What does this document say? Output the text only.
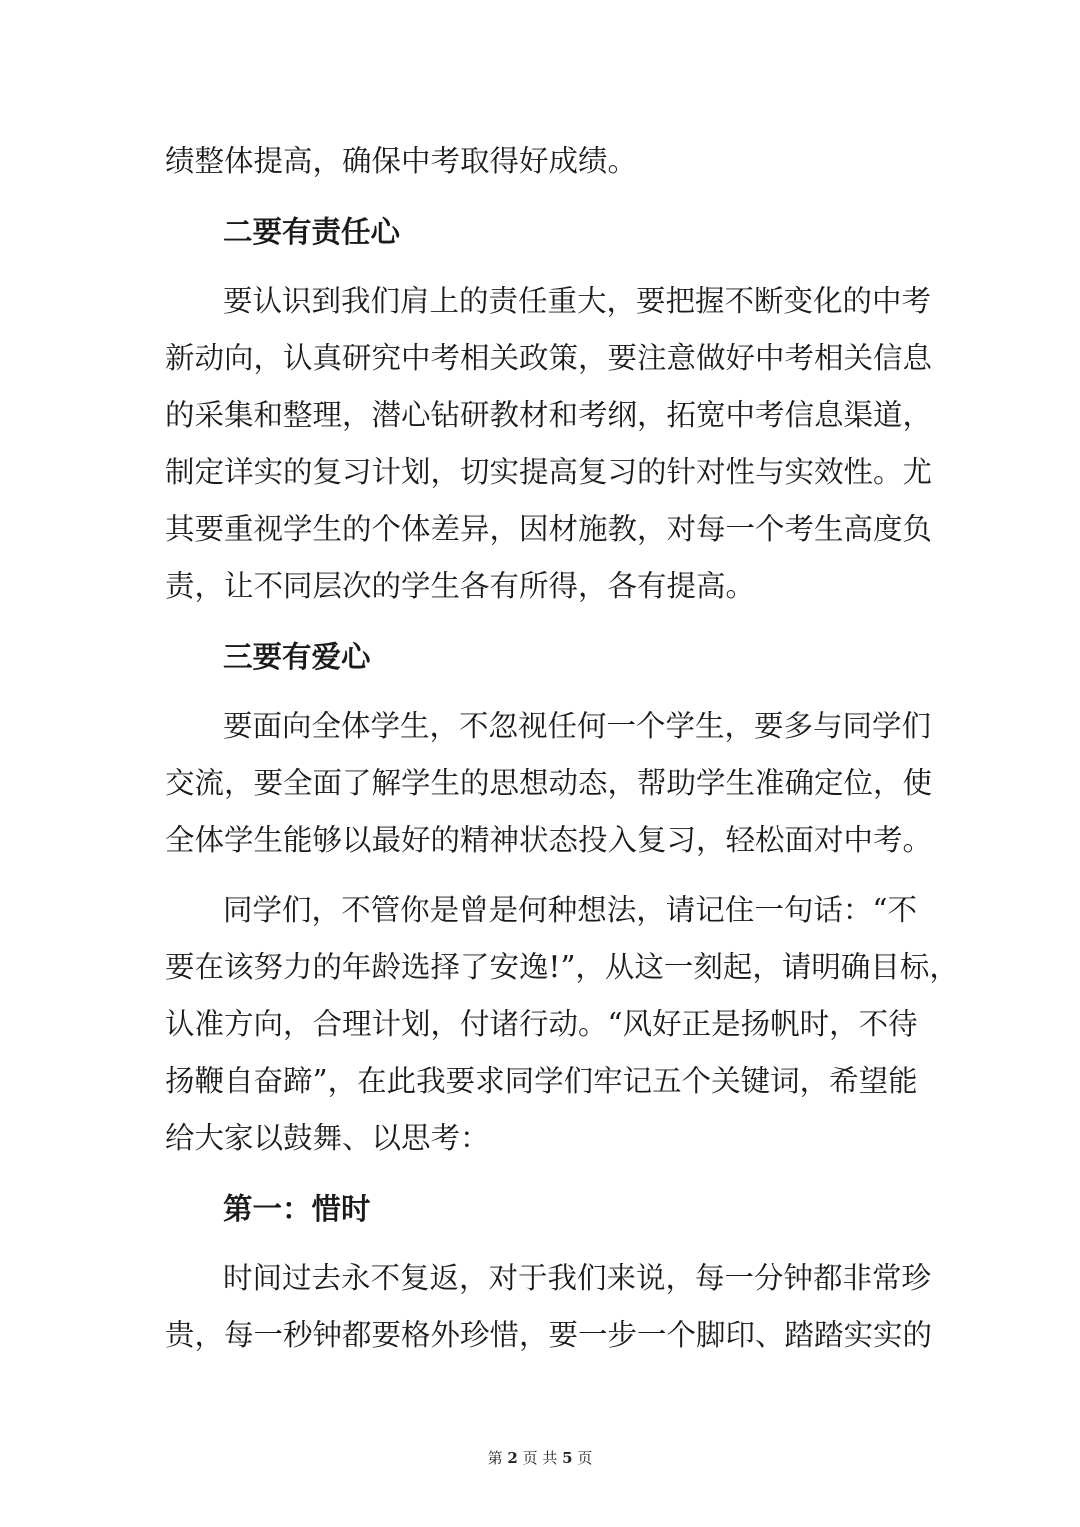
绩整体提高，确保中考取得好成绩。
二要有责任心
要认识到我们肩上的责任重大，要把握不断变化的中考
新动向，认真研究中考相关政策，要注意做好中考相关信息
的采集和整理，潜心钻研教材和考纲，拓宽中考信息渠道，
制定详实的复习计划，切实提高复习的针对性与实效性。尤
其要重视学生的个体差异，因材施教，对每一个考生高度负
责，让不同层次的学生各有所得，各有提高。
三要有爱心
要面向全体学生，不忽视任何一个学生，要多与同学们
交流，要全面了解学生的思想动态，帮助学生准确定位，使
全体学生能够以最好的精神状态投入复习，轻松面对中考。
同学们，不管你是曾是何种想法，请记住一句话：“不
要在该努力的年龄选择了安逸!”，从这一刻起，请明确目标，
认准方向，合理计划，付诸行动。“风好正是扬帆时，不待
扬鞭自奋蹄”，在此我要求同学们牢记五个关键词，希望能
给大家以鼓舞、以思考：
第一：惜时
时间过去永不复返，对于我们来说，每一分钟都非常珍
贵，每一秒钟都要格外珍惜，要一步一个脚印、踏踏实实的
第 2 页 共 5 页
